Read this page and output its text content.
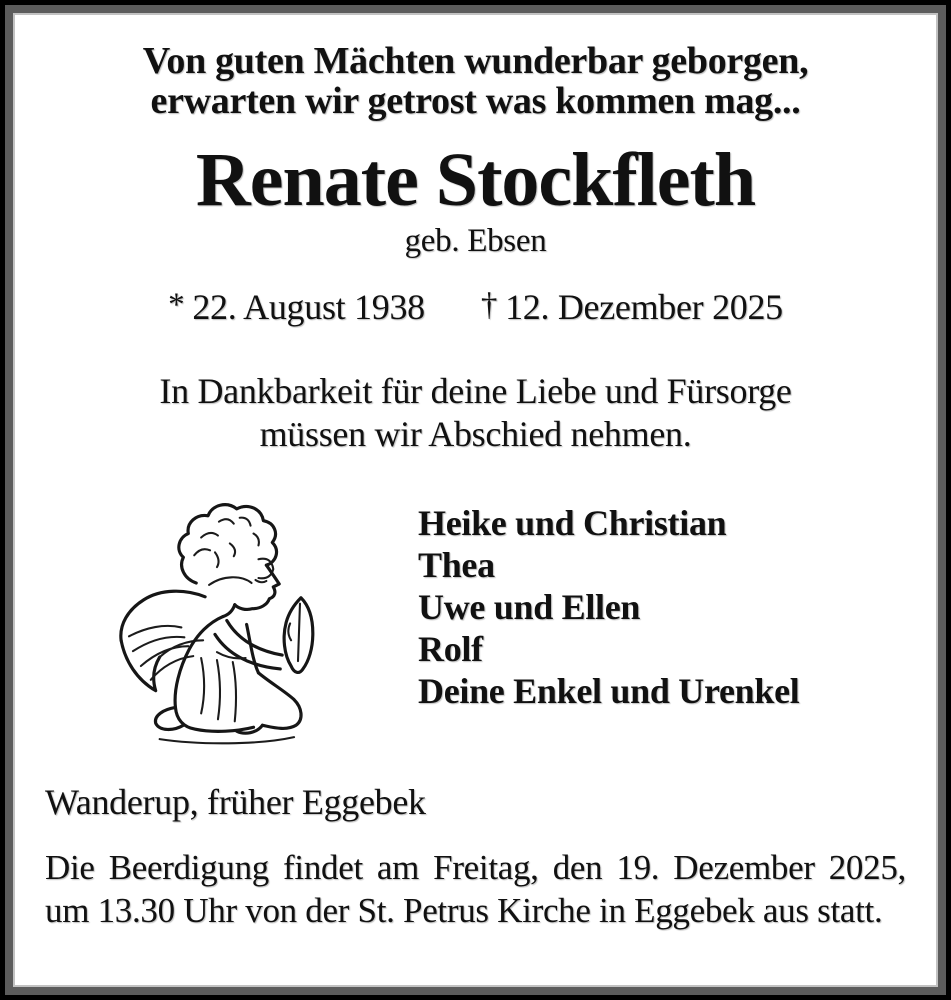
Von guten Mächten wunderbar geborgen,
erwarten wir getrost was kommen mag...
Renate Stockfleth
geb. Ebsen
* 22. August 1938 † 12. Dezember 2025
In Dankbarkeit für deine Liebe und Fürsorge
müssen wir Abschied nehmen.
Heike und Christian
Thea
Uwe und Ellen
Rolf
Deine Enkel und Urenkel
Wanderup, früher Eggebek
Die Beerdigung findet am Freitag, den 19. Dezember 2025, um 13.30 Uhr von der St. Petrus Kirche in Eggebek aus statt.
